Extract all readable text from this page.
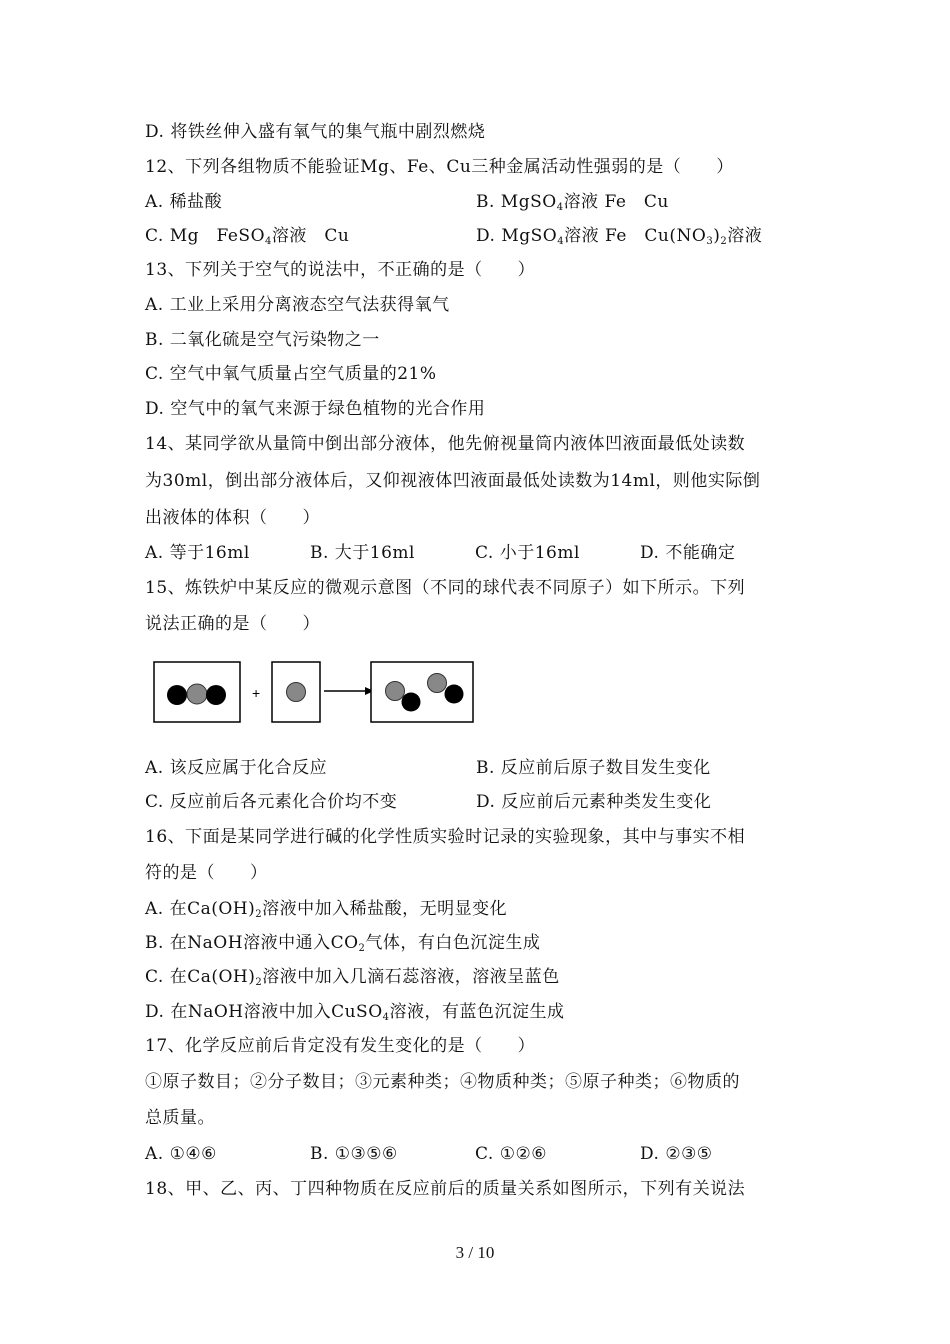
D. 将铁丝伸入盛有氧气的集气瓶中剧烈燃烧
12、下列各组物质不能验证Mg、Fe、Cu三种金属活动性强弱的是（　　）
A. 稀盐酸	B. MgSO$_4$溶液 Fe　Cu
C. Mg　FeSO$_4$溶液　Cu	D. MgSO$_4$溶液 Fe　$Cu(NO_3)_2$溶液
13、下列关于空气的说法中，不正确的是（　　）
A. 工业上采用分离液态空气法获得氧气
B. 二氧化硫是空气污染物之一
C. 空气中氧气质量占空气质量的21%
D. 空气中的氧气来源于绿色植物的光合作用
14、某同学欲从量筒中倒出部分液体，他先俯视量筒内液体凹液面最低处读数
为30ml，倒出部分液体后，又仰视液体凹液面最低处读数为14ml，则他实际倒
出液体的体积（　　）
A. 等于16ml	B. 大于16ml	C. 小于16ml	D. 不能确定
15、炼铁炉中某反应的微观示意图（不同的球代表不同原子）如下所示。下列
说法正确的是（　　）
+
A. 该反应属于化合反应	B. 反应前后原子数目发生变化
C. 反应前后各元素化合价均不变	D. 反应前后元素种类发生变化
16、下面是某同学进行碱的化学性质实验时记录的实验现象，其中与事实不相
符的是（　　）
A. 在$Ca(OH)_2$溶液中加入稀盐酸，无明显变化
B. 在NaOH溶液中通入$CO_2$气体，有白色沉淀生成
C. 在$Ca(OH)_2$溶液中加入几滴石蕊溶液，溶液呈蓝色
D. 在NaOH溶液中加入CuSO$_4$溶液，有蓝色沉淀生成
17、化学反应前后肯定没有发生变化的是（　　）
①原子数目；②分子数目；③元素种类；④物质种类；⑤原子种类；⑥物质的
总质量。
A. ①④⑥	B. ①③⑤⑥	C. ①②⑥	D. ②③⑤
18、甲、乙、丙、丁四种物质在反应前后的质量关系如图所示，下列有关说法
3 / 10
